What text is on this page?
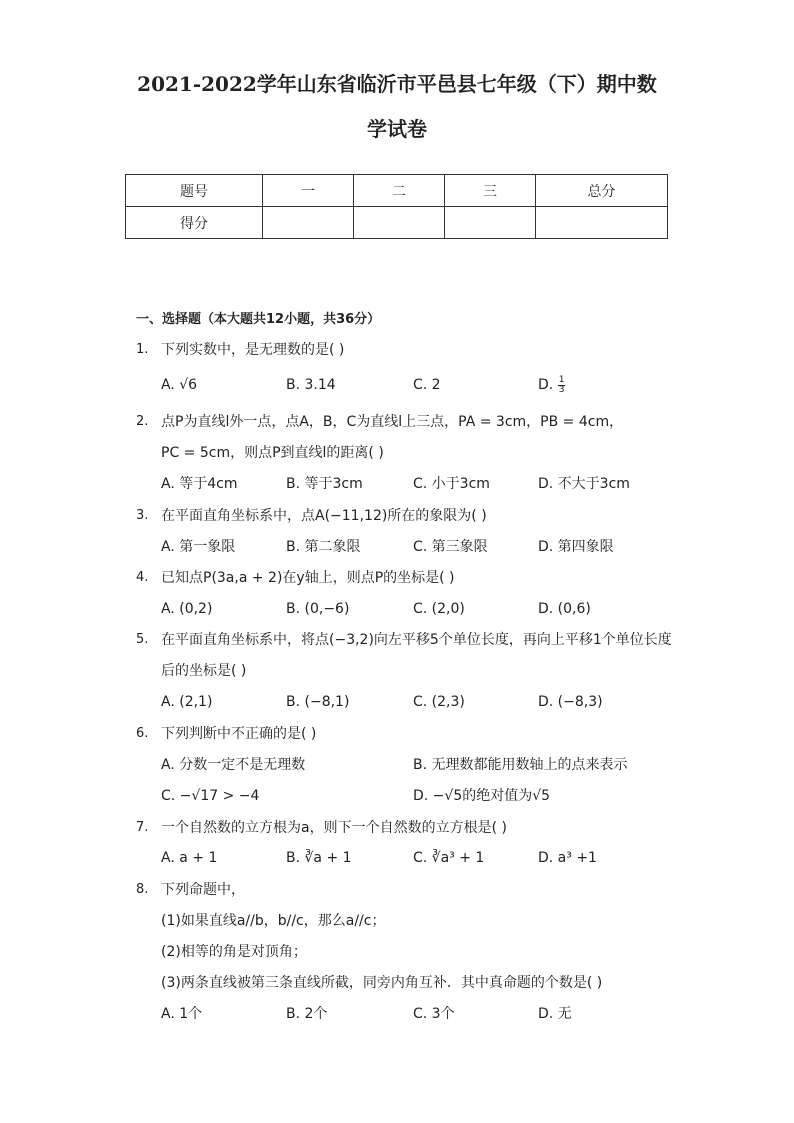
2021-2022学年山东省临沂市平邑县七年级（下）期中数
学试卷
题号	一	二	三	总分
得分				
一、选择题（本大题共12小题，共36分）
1. 下列实数中，是无理数的是( )
A. √6	B. 3.14	C. 2	D. $\frac{1}{3}$
2. 点P为直线l外一点，点A，B，C为直线l上三点，PA = 3cm，PB = 4cm，
PC = 5cm，则点P到直线l的距离( )
A. 等于4cm	B. 等于3cm	C. 小于3cm	D. 不大于3cm
3. 在平面直角坐标系中，点A(−11,12)所在的象限为( )
A. 第一象限	B. 第二象限	C. 第三象限	D. 第四象限
4. 已知点P(3a,a + 2)在y轴上，则点P的坐标是( )
A. (0,2)	B. (0,−6)	C. (2,0)	D. (0,6)
5. 在平面直角坐标系中，将点(−3,2)向左平移5个单位长度，再向上平移1个单位长度
后的坐标是( )
A. (2,1)	B. (−8,1)	C. (2,3)	D. (−8,3)
6. 下列判断中不正确的是( )
A. 分数一定不是无理数	B. 无理数都能用数轴上的点来表示
C. −√17 > −4	D. −√5的绝对值为√5
7. 一个自然数的立方根为a，则下一个自然数的立方根是( )
A. a + 1	B. ∛a + 1	C. ∛a³ + 1	D. a³ +1
8. 下列命题中，
(1)如果直线a//b，b//c，那么a//c；
(2)相等的角是对顶角；
(3)两条直线被第三条直线所截，同旁内角互补．其中真命题的个数是( )
A. 1个	B. 2个	C. 3个	D. 无
